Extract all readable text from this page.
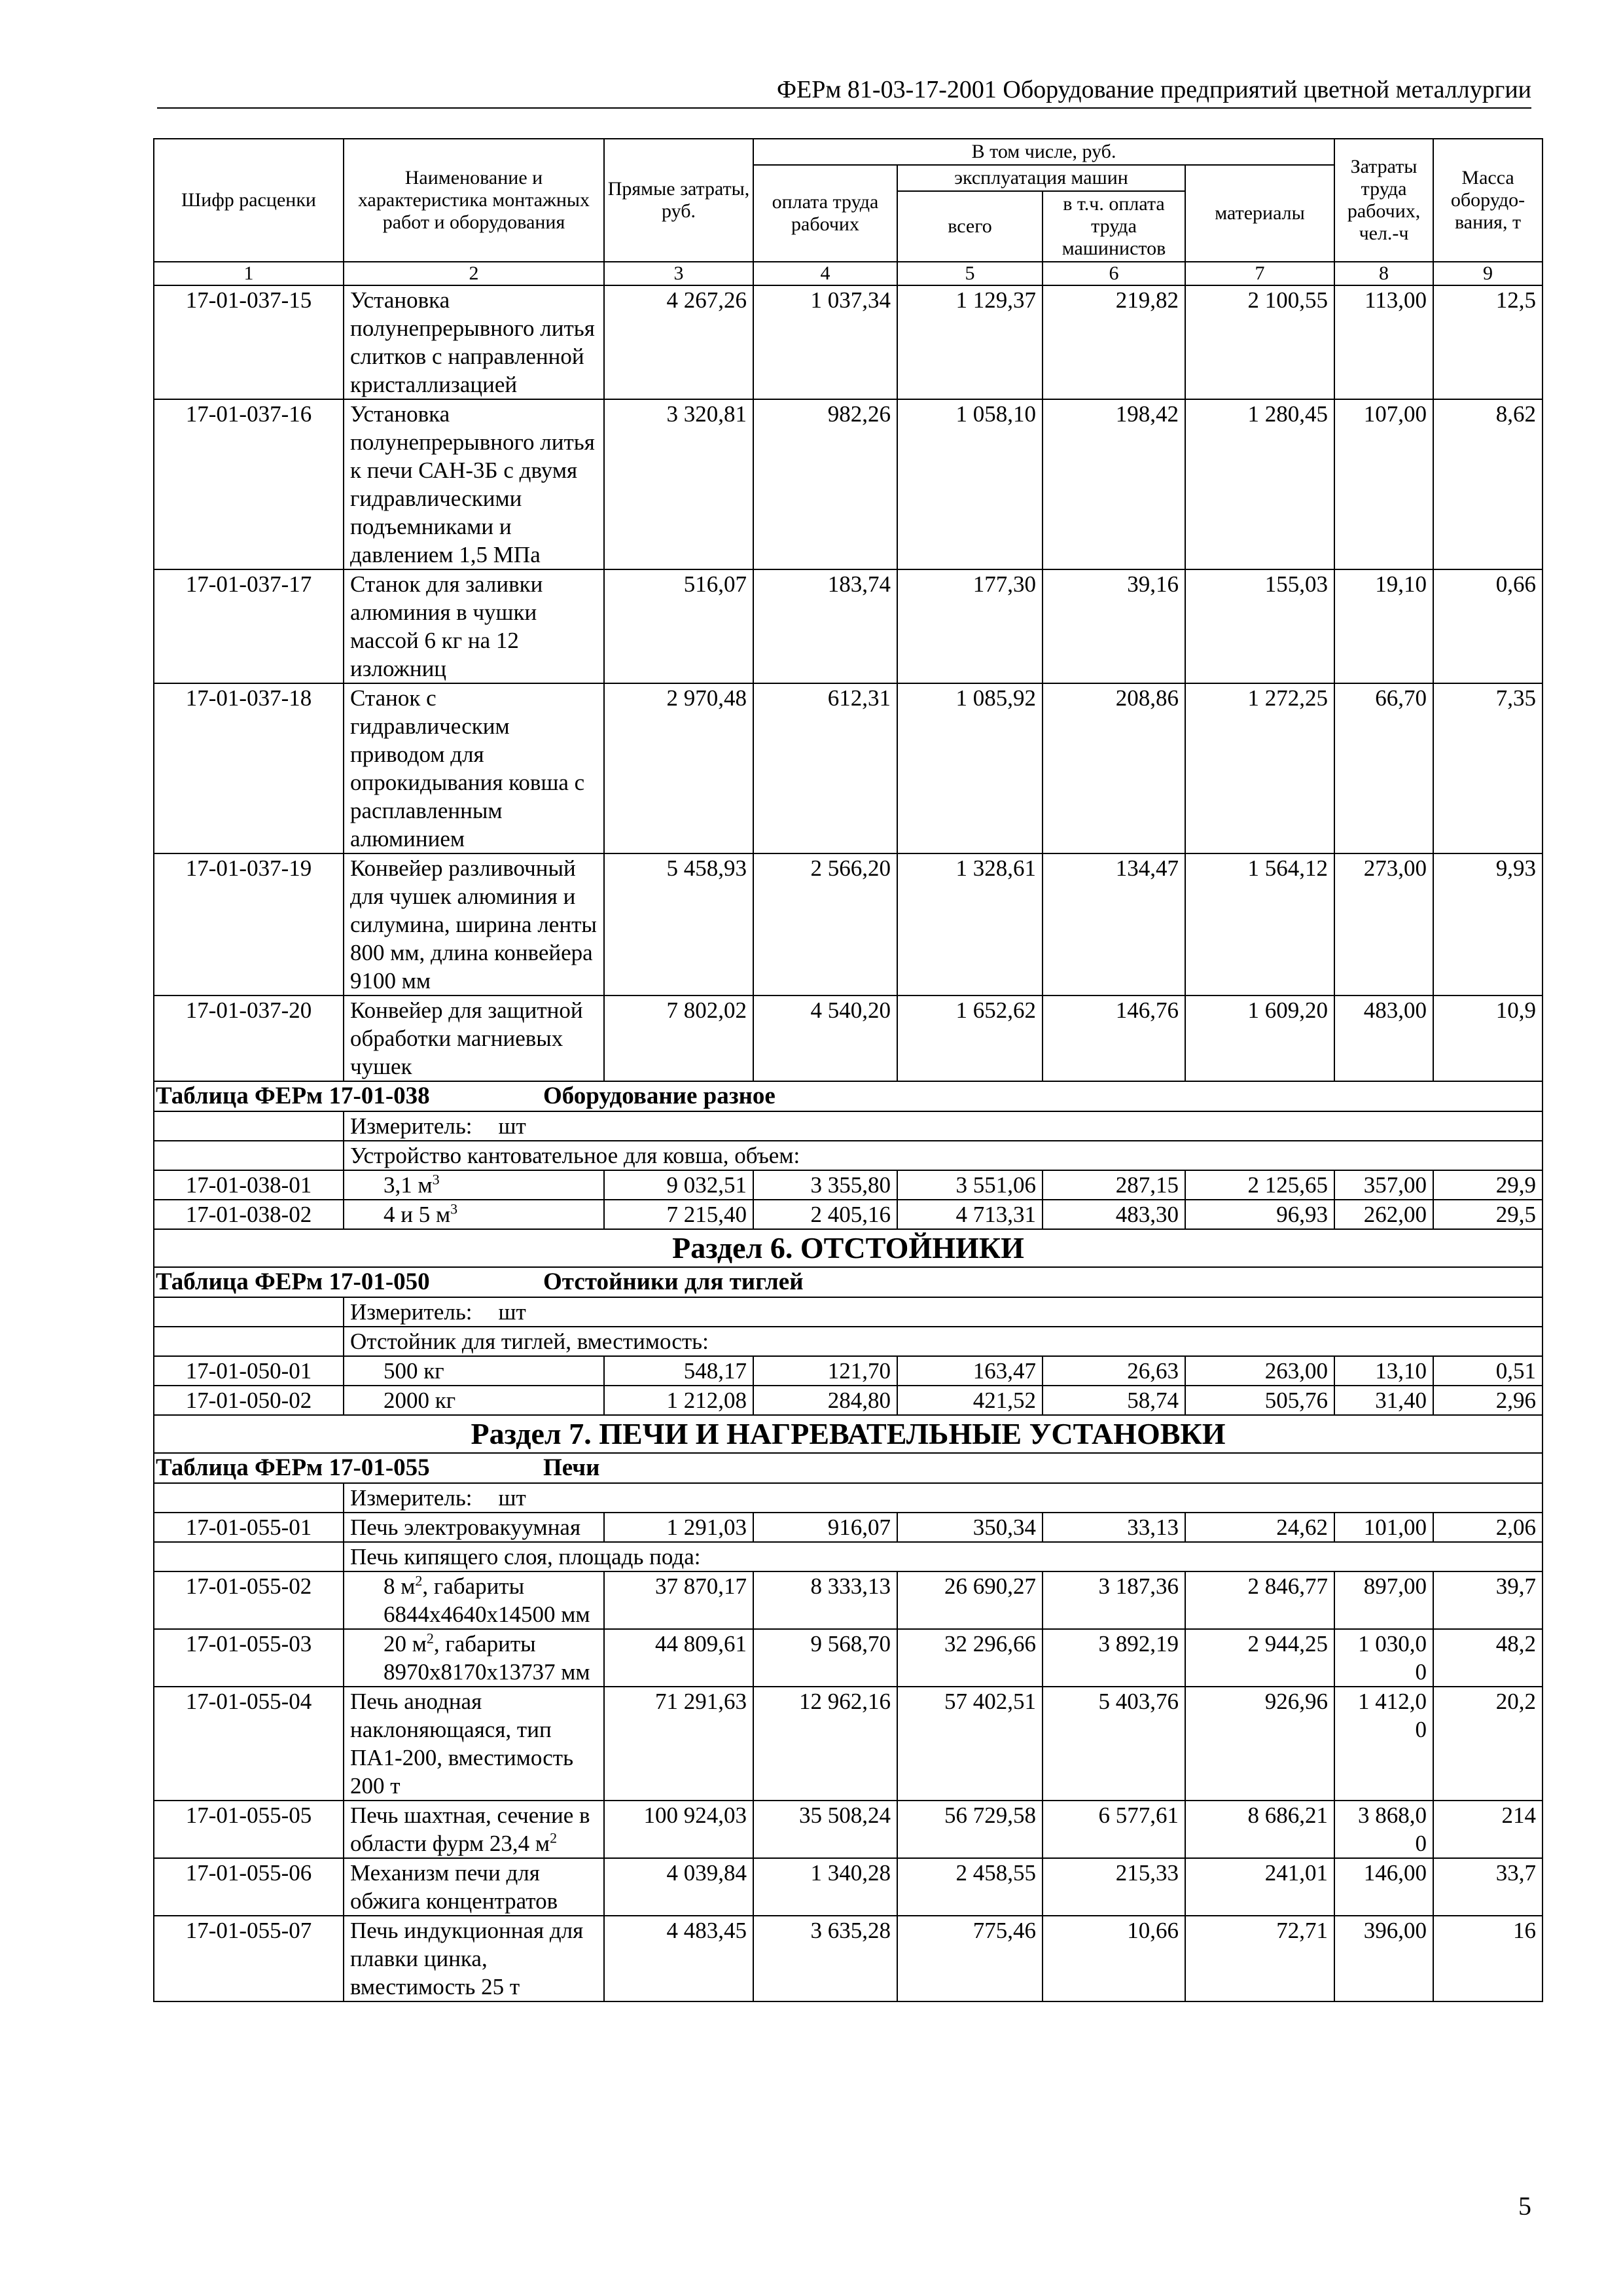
ФЕРм 81-03-17-2001 Оборудование предприятий цветной металлургии
Шифр расценки	Наименование и характеристика монтажных работ и оборудования	Прямые затраты, руб.	В том числе, руб.				Затраты труда рабочих, чел.-ч	Масса оборудо-вания, т
			оплата труда рабочих	эксплуатация машин		материалы		
				всего	в т.ч. оплата труда машинистов			
1	2	3	4	5	6	7	8	9
17-01-037-15	Установка полунепрерывного литья слитков с направленной кристаллизацией	4 267,26	1 037,34	1 129,37	219,82	2 100,55	113,00	12,5
17-01-037-16	Установка полунепрерывного литья к печи САН-3Б с двумя гидравлическими подъемниками и давлением 1,5 МПа	3 320,81	982,26	1 058,10	198,42	1 280,45	107,00	8,62
17-01-037-17	Станок для заливки алюминия в чушки массой 6 кг на 12 изложниц	516,07	183,74	177,30	39,16	155,03	19,10	0,66
17-01-037-18	Станок с гидравлическим приводом для опрокидывания ковша с расплавленным алюминием	2 970,48	612,31	1 085,92	208,86	1 272,25	66,70	7,35
17-01-037-19	Конвейер разливочный для чушек алюминия и силумина, ширина ленты 800 мм, длина конвейера 9100 мм	5 458,93	2 566,20	1 328,61	134,47	1 564,12	273,00	9,93
17-01-037-20	Конвейер для защитной обработки магниевых чушек	7 802,02	4 540,20	1 652,62	146,76	1 609,20	483,00	10,9
Таблица ФЕРм 17-01-038 Оборудование разное								
	Измеритель: шт							
	Устройство кантовательное для ковша, объем:							
17-01-038-01	3,1 $м^3$	9 032,51	3 355,80	3 551,06	287,15	2 125,65	357,00	29,9
17-01-038-02	4 и 5 $м^3$	7 215,40	2 405,16	4 713,31	483,30	96,93	262,00	29,5
Раздел 6. ОТСТОЙНИКИ								
Таблица ФЕРм 17-01-050 Отстойники для тиглей								
	Измеритель: шт							
	Отстойник для тиглей, вместимость:							
17-01-050-01	500 кг	548,17	121,70	163,47	26,63	263,00	13,10	0,51
17-01-050-02	2000 кг	1 212,08	284,80	421,52	58,74	505,76	31,40	2,96
Раздел 7. ПЕЧИ И НАГРЕВАТЕЛЬНЫЕ УСТАНОВКИ								
Таблица ФЕРм 17-01-055 Печи								
	Измеритель: шт							
17-01-055-01	Печь электровакуумная	1 291,03	916,07	350,34	33,13	24,62	101,00	2,06
	Печь кипящего слоя, площадь пода:							
17-01-055-02	8 $м^2$, габариты 6844х4640х14500 мм	37 870,17	8 333,13	26 690,27	3 187,36	2 846,77	897,00	39,7
17-01-055-03	20 $м^2$, габариты 8970х8170х13737 мм	44 809,61	9 568,70	32 296,66	3 892,19	2 944,25	1 030,0 0	48,2
17-01-055-04	Печь анодная наклоняющаяся, тип ПА1-200, вместимость 200 т	71 291,63	12 962,16	57 402,51	5 403,76	926,96	1 412,0 0	20,2
17-01-055-05	Печь шахтная, сечение в области фурм 23,4 $м^2$	100 924,03	35 508,24	56 729,58	6 577,61	8 686,21	3 868,0 0	214
17-01-055-06	Механизм печи для обжига концентратов	4 039,84	1 340,28	2 458,55	215,33	241,01	146,00	33,7
17-01-055-07	Печь индукционная для плавки цинка, вместимость 25 т	4 483,45	3 635,28	775,46	10,66	72,71	396,00	16
5
